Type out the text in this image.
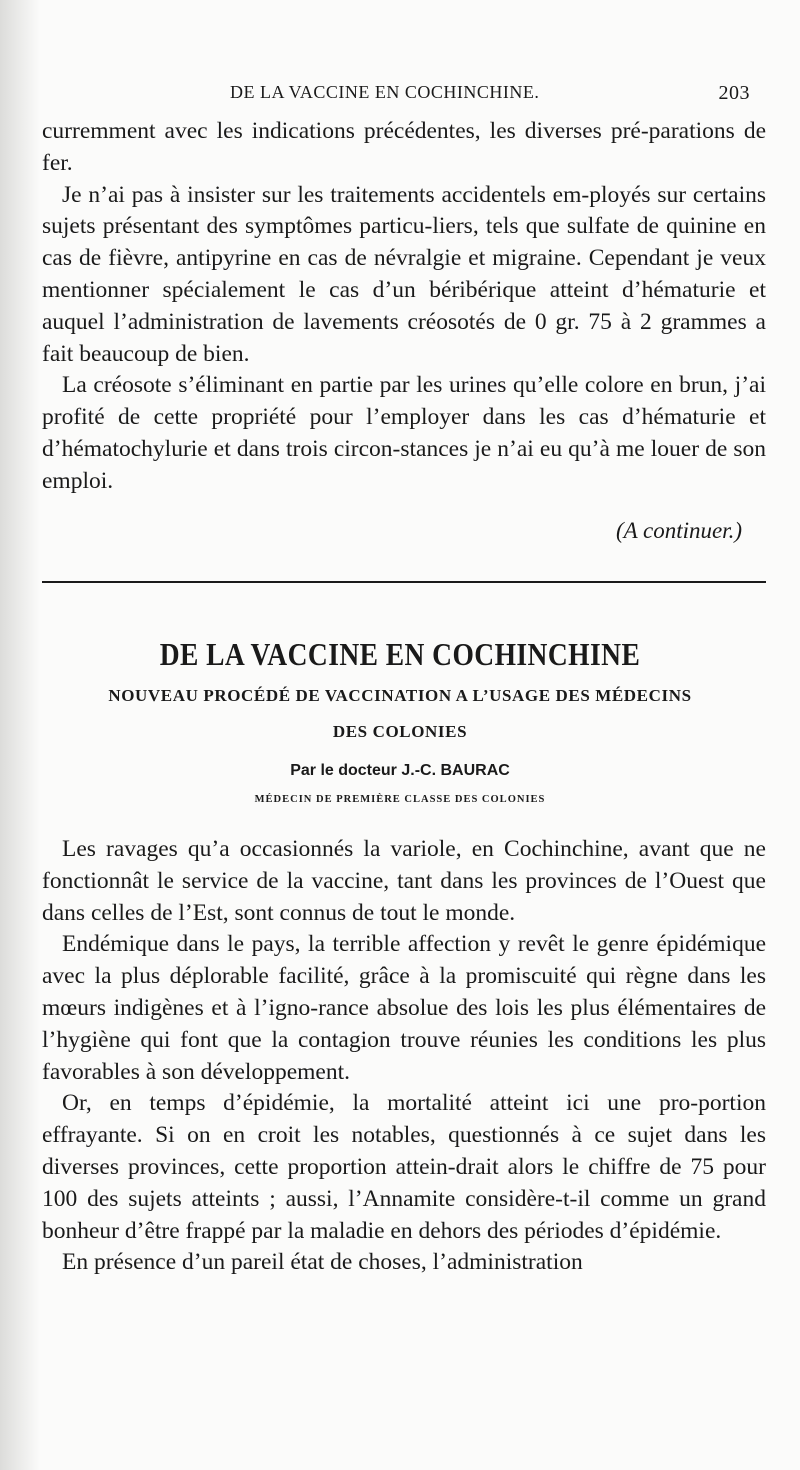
DE LA VACCINE EN COCHINCHINE.	203

curremment avec les indications précédentes, les diverses pré-parations de fer.

Je n’ai pas à insister sur les traitements accidentels em-ployés sur certains sujets présentant des symptômes particu-liers, tels que sulfate de quinine en cas de fièvre, antipyrine en cas de névralgie et migraine. Cependant je veux mentionner spécialement le cas d’un béribérique atteint d’hématurie et auquel l’administration de lavements créosotés de 0 gr. 75 à 2 grammes a fait beaucoup de bien.

La créosote s’éliminant en partie par les urines qu’elle colore en brun, j’ai profité de cette propriété pour l’employer dans les cas d’hématurie et d’hématochylurie et dans trois circon-stances je n’ai eu qu’à me louer de son emploi.

(A continuer.)
DE LA VACCINE EN COCHINCHINE
NOUVEAU PROCÉDÉ DE VACCINATION A L’USAGE DES MÉDECINS
DES COLONIES
Par le docteur J.-C. BAURAC
MÉDECIN DE PREMIÈRE CLASSE DES COLONIES

Les ravages qu’a occasionnés la variole, en Cochinchine, avant que ne fonctionnât le service de la vaccine, tant dans les provinces de l’Ouest que dans celles de l’Est, sont connus de tout le monde.

Endémique dans le pays, la terrible affection y revêt le genre épidémique avec la plus déplorable facilité, grâce à la promiscuité qui règne dans les mœurs indigènes et à l’igno-rance absolue des lois les plus élémentaires de l’hygiène qui font que la contagion trouve réunies les conditions les plus favorables à son développement.

Or, en temps d’épidémie, la mortalité atteint ici une pro-portion effrayante. Si on en croit les notables, questionnés à ce sujet dans les diverses provinces, cette proportion attein-drait alors le chiffre de 75 pour 100 des sujets atteints ; aussi, l’Annamite considère-t-il comme un grand bonheur d’être frappé par la maladie en dehors des périodes d’épidémie.

En présence d’un pareil état de choses, l’administration
